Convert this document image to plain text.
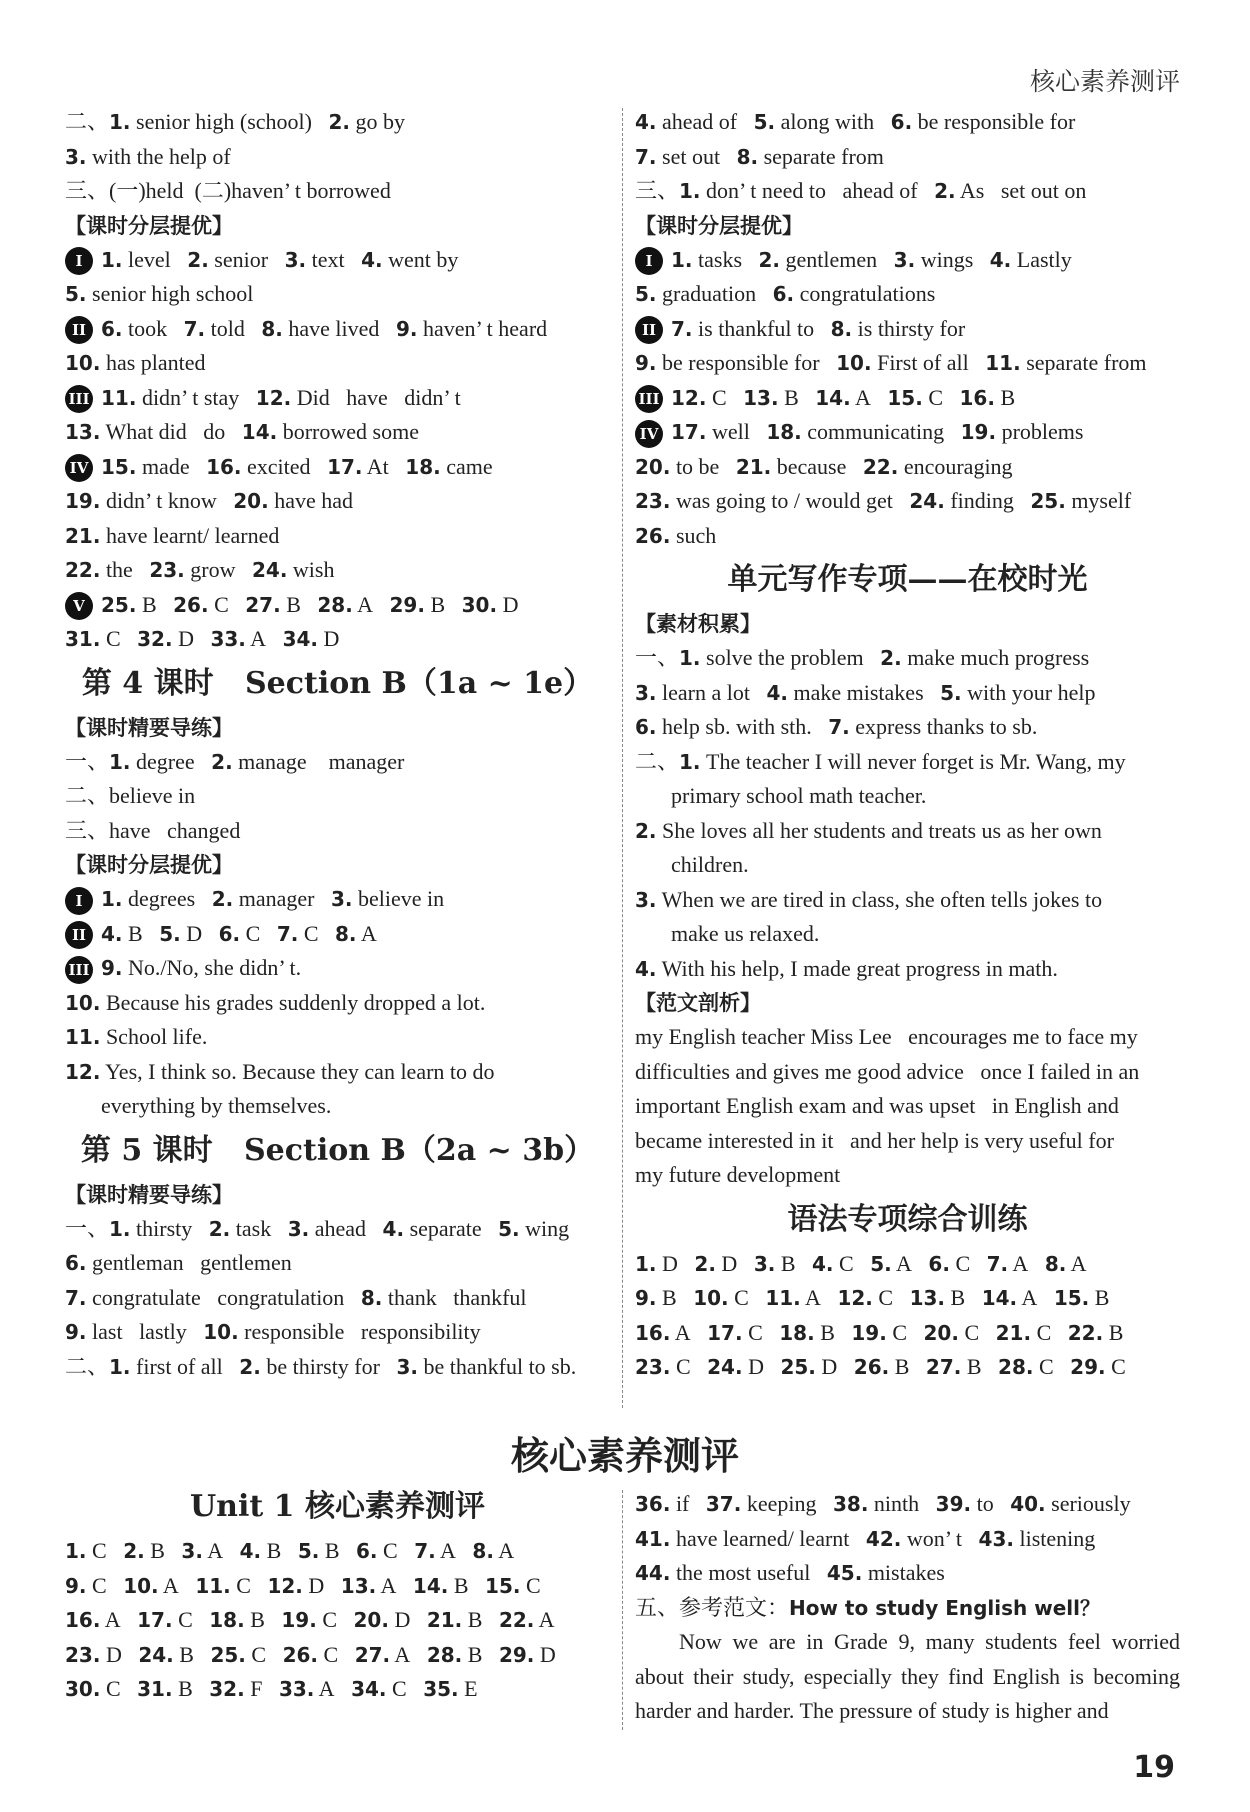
核心素养测评
二、1. senior high (school)   2. go by
3. with the help of
三、(一)held  (二)haven’ t borrowed
【课时分层提优】
I 1. level   2. senior   3. text   4. went by
5. senior high school
II 6. took   7. told   8. have lived   9. haven’ t heard
10. has planted
III 11. didn’ t stay   12. Did   have   didn’ t
13. What did   do   14. borrowed some
IV 15. made   16. excited   17. At   18. came
19. didn’ t know   20. have had
21. have learnt/ learned
22. the   23. grow   24. wish
V 25. B   26. C   27. B   28. A   29. B   30. D
31. C   32. D   33. A   34. D
第 4 课时   Section B（1a ~ 1e）
【课时精要导练】
一、1. degree   2. manage    manager
二、believe in
三、have   changed
【课时分层提优】
I 1. degrees   2. manager   3. believe in
II 4. B   5. D   6. C   7. C   8. A
III 9. No./No, she didn’ t.
10. Because his grades suddenly dropped a lot.
11. School life.
12. Yes, I think so. Because they can learn to do
everything by themselves.
第 5 课时   Section B（2a ~ 3b）
【课时精要导练】
一、1. thirsty   2. task   3. ahead   4. separate   5. wing
6. gentleman   gentlemen
7. congratulate   congratulation   8. thank   thankful
9. last   lastly   10. responsible   responsibility
二、1. first of all   2. be thirsty for   3. be thankful to sb.
4. ahead of   5. along with   6. be responsible for
7. set out   8. separate from
三、1. don’ t need to   ahead of   2. As   set out on
【课时分层提优】
I 1. tasks   2. gentlemen   3. wings   4. Lastly
5. graduation   6. congratulations
II 7. is thankful to   8. is thirsty for
9. be responsible for   10. First of all   11. separate from
III 12. C   13. B   14. A   15. C   16. B
IV 17. well   18. communicating   19. problems
20. to be   21. because   22. encouraging
23. was going to / would get   24. finding   25. myself
26. such
单元写作专项——在校时光
【素材积累】
一、1. solve the problem   2. make much progress
3. learn a lot   4. make mistakes   5. with your help
6. help sb. with sth.   7. express thanks to sb.
二、1. The teacher I will never forget is Mr. Wang, my
primary school math teacher.
2. She loves all her students and treats us as her own
children.
3. When we are tired in class, she often tells jokes to
make us relaxed.
4. With his help, I made great progress in math.
【范文剖析】
my English teacher Miss Lee   encourages me to face my
difficulties and gives me good advice   once I failed in an
important English exam and was upset   in English and
became interested in it   and her help is very useful for
my future development
语法专项综合训练
1. D   2. D   3. B   4. C   5. A   6. C   7. A   8. A
9. B   10. C   11. A   12. C   13. B   14. A   15. B
16. A   17. C   18. B   19. C   20. C   21. C   22. B
23. C   24. D   25. D   26. B   27. B   28. C   29. C
核心素养测评
Unit 1 核心素养测评
1. C   2. B   3. A   4. B   5. B   6. C   7. A   8. A
9. C   10. A   11. C   12. D   13. A   14. B   15. C
16. A   17. C   18. B   19. C   20. D   21. B   22. A
23. D   24. B   25. C   26. C   27. A   28. B   29. D
30. C   31. B   32. F   33. A   34. C   35. E
36. if   37. keeping   38. ninth   39. to   40. seriously
41. have learned/ learnt   42. won’ t   43. listening
44. the most useful   45. mistakes
五、参考范文：How to study English well？
Now we are in Grade 9, many students feel worried about their study, especially they find English is becoming harder and harder. The pressure of study is higher and
19
